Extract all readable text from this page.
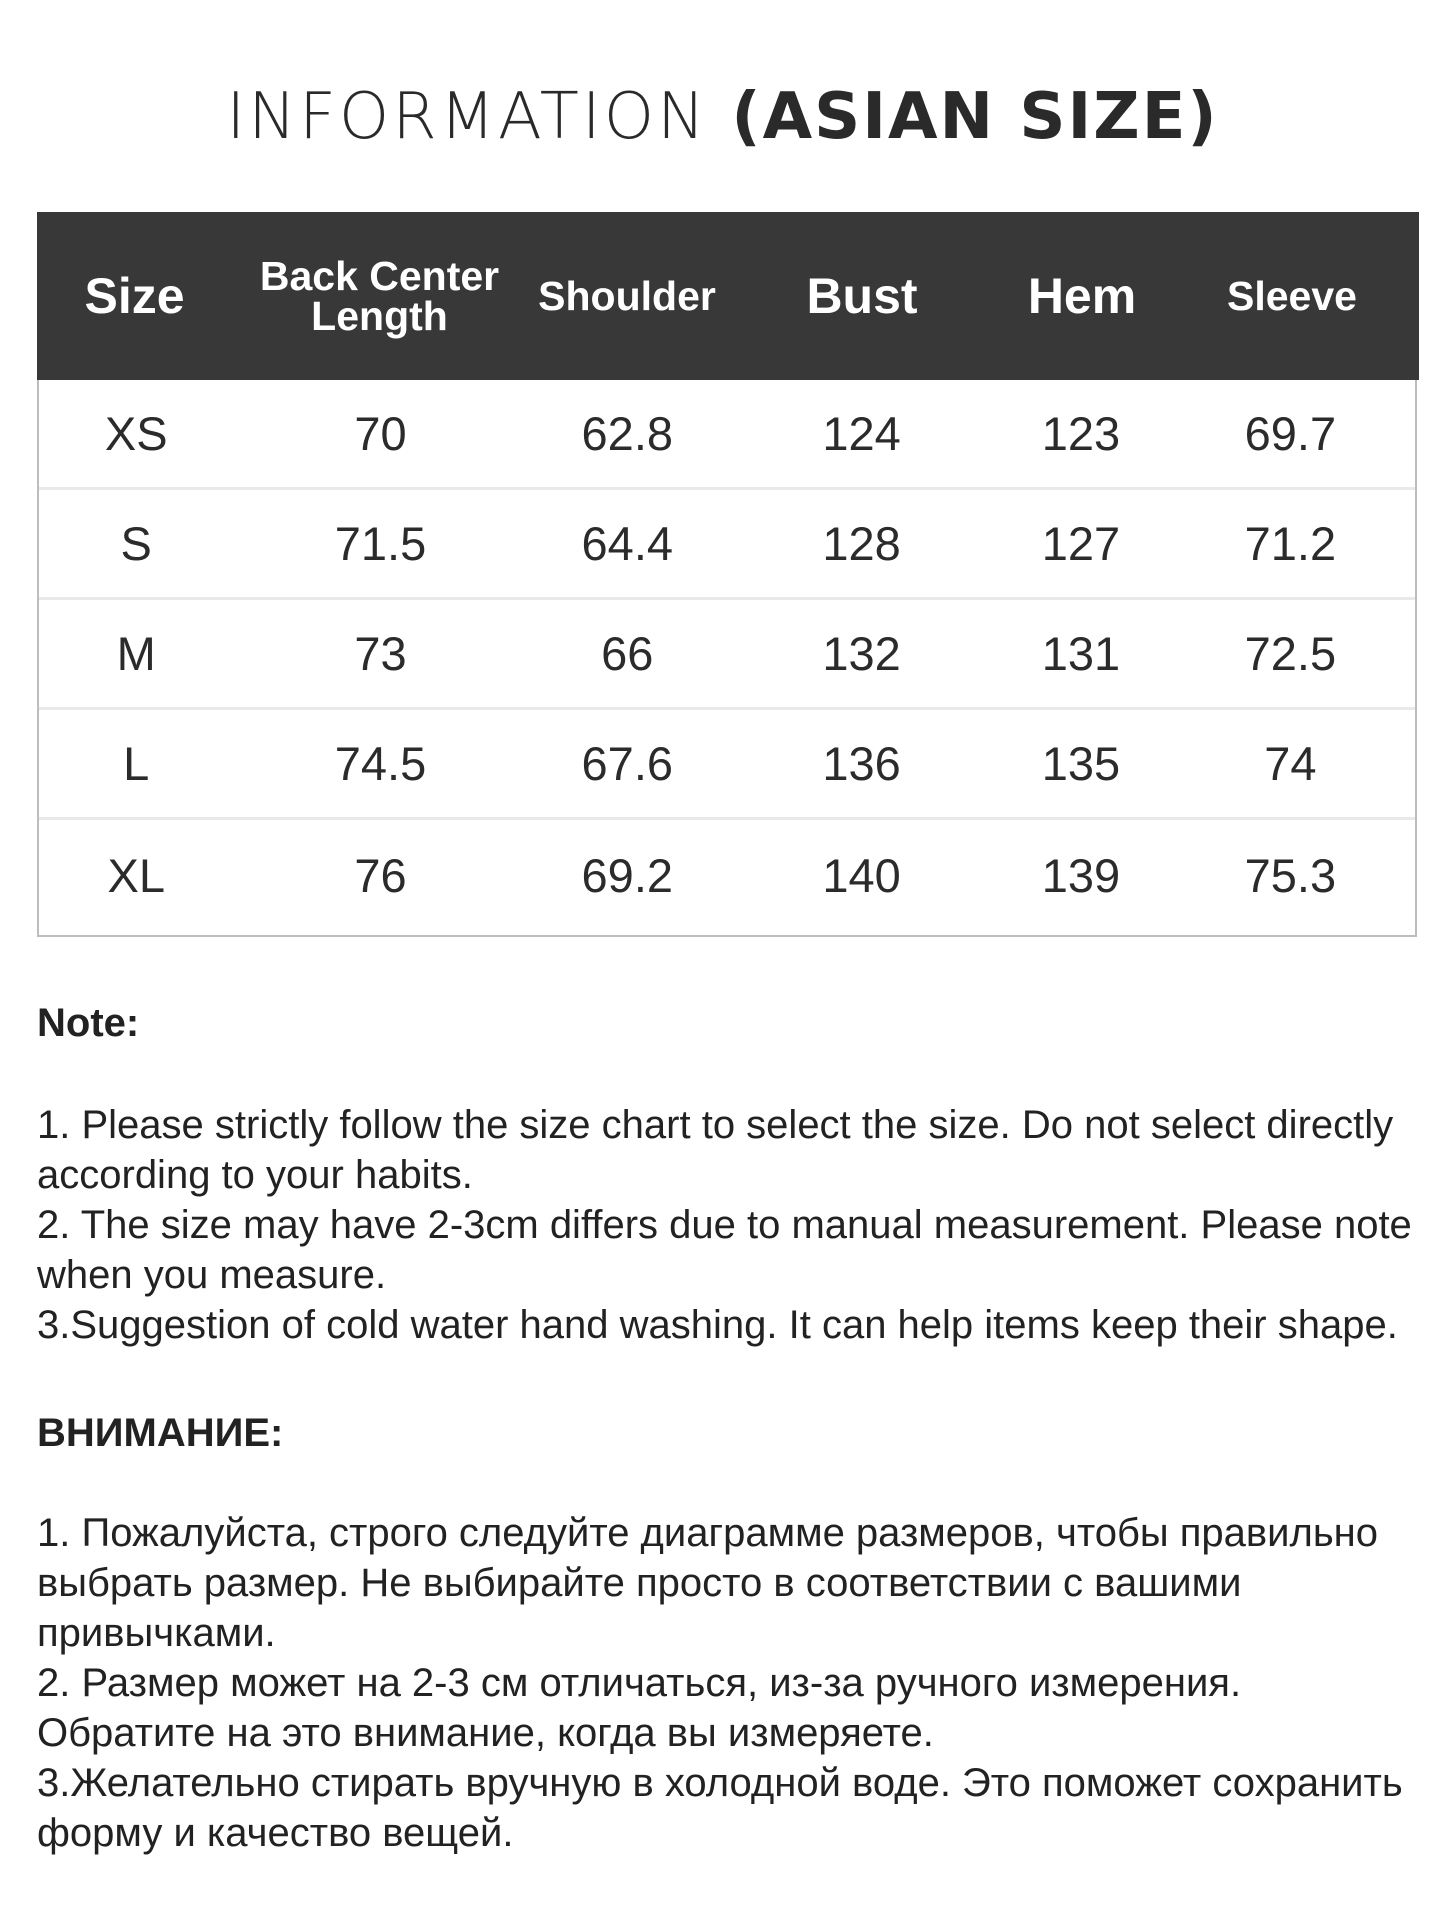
INFORMATION (ASIAN SIZE)
Size	Back Center Length	Shoulder	Bust	Hem	Sleeve
XS	70	62.8	124	123	69.7
S	71.5	64.4	128	127	71.2
M	73	66	132	131	72.5
L	74.5	67.6	136	135	74
XL	76	69.2	140	139	75.3
Note:
1. Please strictly follow the size chart to select the size. Do not select directly according to your habits.
2. The size may have 2-3cm differs due to manual measurement. Please note when you measure.
3.Suggestion of cold water hand washing. It can help items keep their shape.
ВНИМАНИЕ:
1. Пожалуйста, строго следуйте диаграмме размеров, чтобы правильно выбрать размер. Не выбирайте просто в соответствии с вашими привычками.
2. Размер может на 2-3 см отличаться, из-за ручного измерения. Обратите на это внимание, когда вы измеряете.
3.Желательно стирать вручную в холодной воде. Это поможет сохранить форму и качество вещей.
